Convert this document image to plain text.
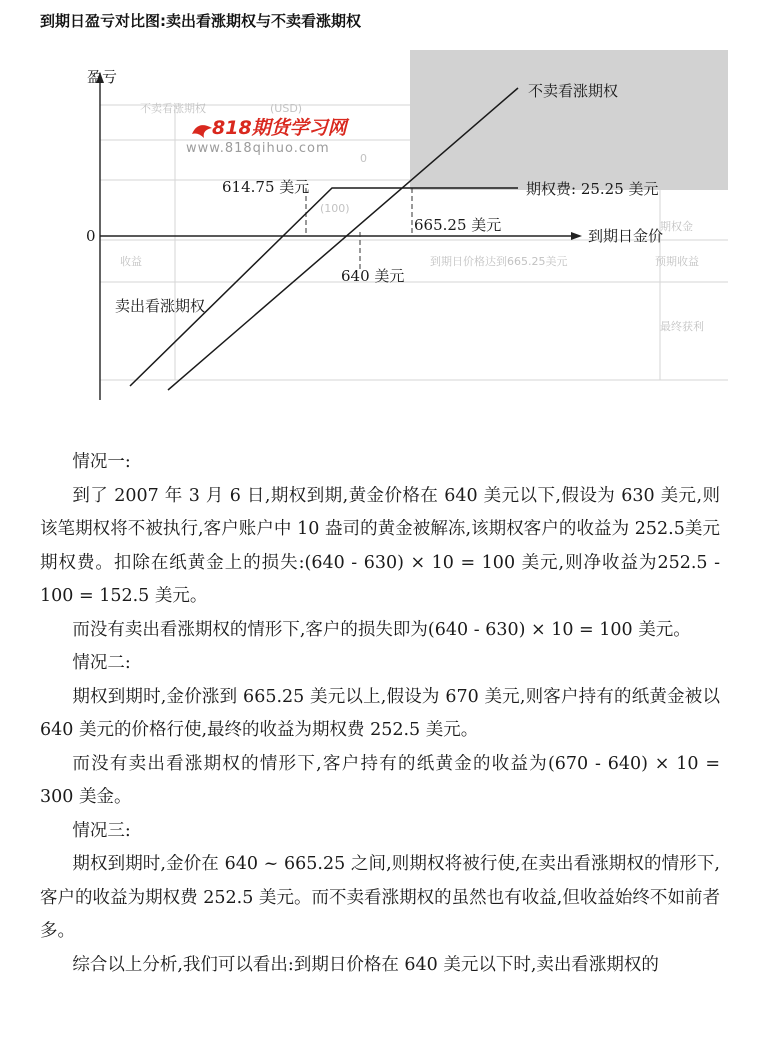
到期日盈亏对比图:卖出看涨期权与不卖看涨期权
不卖看涨期权	(USD)
0
期权金
(100)
预期收益
到期日价格达到665.25美元
收益
最终获利
盈亏
0	到期日金价
614.75 美元
640 美元
665.25 美元
期权费: 25.25 美元
不卖看涨期权
卖出看涨期权
818期货学习网
www.818qihuo.com

情况一:

到了 2007 年 3 月 6 日,期权到期,黄金价格在 640 美元以下,假设为 630 美元,则该笔期权将不被执行,客户账户中 10 盎司的黄金被解冻,该期权客户的收益为 252.5美元期权费。扣除在纸黄金上的损失:(640 - 630) × 10 = 100 美元,则净收益为252.5 - 100 = 152.5 美元。

而没有卖出看涨期权的情形下,客户的损失即为(640 - 630) × 10 = 100 美元。

情况二:

期权到期时,金价涨到 665.25 美元以上,假设为 670 美元,则客户持有的纸黄金被以 640 美元的价格行使,最终的收益为期权费 252.5 美元。

而没有卖出看涨期权的情形下,客户持有的纸黄金的收益为(670 - 640) × 10 = 300 美金。

情况三:

期权到期时,金价在 640 ~ 665.25 之间,则期权将被行使,在卖出看涨期权的情形下,客户的收益为期权费 252.5 美元。而不卖看涨期权的虽然也有收益,但收益始终不如前者多。

综合以上分析,我们可以看出:到期日价格在 640 美元以下时,卖出看涨期权的
